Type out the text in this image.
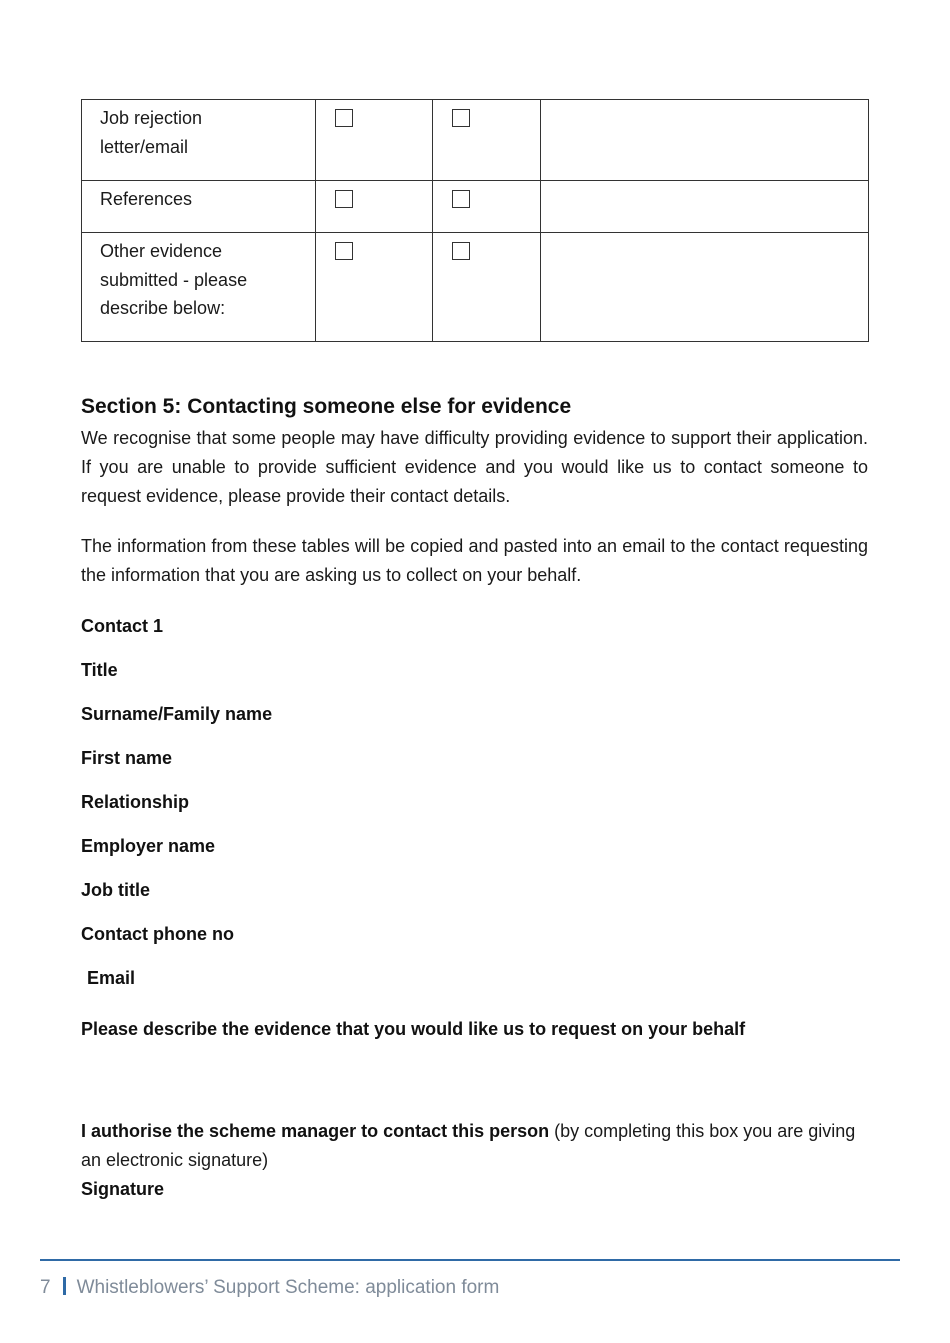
Job rejection
letter/email			

References			

Other evidence
submitted - please
describe below:			

Section 5: Contacting someone else for evidence

We recognise that some people may have difficulty providing evidence to support their application. If you are unable to provide sufficient evidence and you would like us to contact someone to request evidence, please provide their contact details.

The information from these tables will be copied and pasted into an email to the contact requesting the information that you are asking us to collect on your behalf.

Contact 1
Title
Surname/Family name
First name
Relationship
Employer name
Job title
Contact phone no
Email
Please describe the evidence that you would like us to request on your behalf

I authorise the scheme manager to contact this person (by completing this box you are giving an electronic signature)

Signature
7 Whistleblowers’ Support Scheme: application form
